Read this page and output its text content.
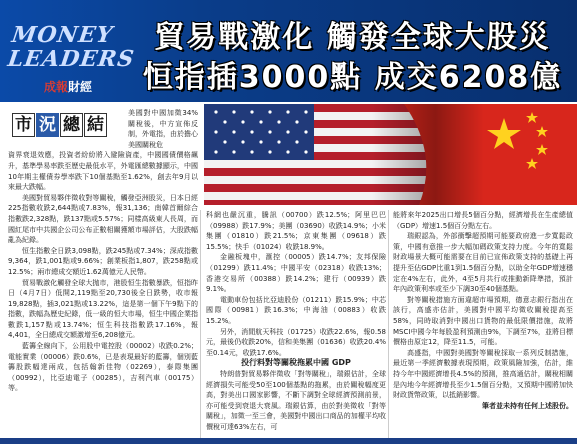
MONEY
LEADERS
成報財經
貿易戰激化 觸發全球大股災
恒指插3000點 成交6208億
市 況 總 結

美國對中國加徵34%關稅後，中方宣佈反制，外電指，由於擔心美國關稅危

資界衰退效應，投資者紛紛將入避險資產，中國國債價格飆升，基準學易率跌至歷史最低水平，外電匯總數據顯示，中國10年期主權債券學率跌下10個基點至1.62%，創去年9月以來最大跌幅。

美國對貿易夥伴徵收對等關稅，觸發亞洲股災，日本日經225指數收跌2,644點或7.83%，報31,136；南韓首爾綜合指數跌2,328點，跌137點或5.57%；同樣高級東人長周，而國紅尾市中共國企公司公布正數相關獲額市場評估，大股跌幅亂為紀錄。

恒生指數全日跌3,098點，跌245點或7.34%；深成指數9,364，跌1,001點或9.66%；創業板指1,807，跌258點或12.5%；兩市總成交額近1.62萬億元人民幣。

貿易戰激化觸發全球大抛市，港股恒生指數暴跌，恒指昨日（4月7日）低開2,119點至20,730後全日跌勢，收市報19,828點，插3,021點或13.22%，這是第一個下午9點下的指數，跌幅為歷史紀錄，低一級的恒大市場，恒生中國企業指數跌1,157點或13.74%；恒生科技指數跌17.16%，報4,401，全日總成交額激增至6,208億元。

藍籌全線向下，公用股中電控股（00002）收跌0.2%；電能實業（00006）跌0.6%，已是表現最好的藍籌，個別藍籌股跌幅達兩成，包括翰新佳物（02269），泰際集團（00992），比亞迪電子（00285），吉利汽車（00175）等。

科網也嚴沉重，騰訊（00700）跌12.5%；阿里巴巴（09988）跌17.9%；美團（03690）收跌14.9%；小米集團（01810）跌21.5%；京東集團（09618）跌15.5%；快手（01024）收跌18.9%。

金融板塊中，滙控（00005）跌14.7%；友邦保險（01299）跌11.4%；中國平安（02318）收跌13%；香港交易所（00388）跌14.2%；建行（00939）跌9.1%。

電動車份包括比亞迪股份（01211）跌15.9%；中芯國際（00981）跌16.3%；中海油（00883）收跌15.2%。

另外，消閒航天科技（01725）收跌22.6%，報0.58元，最後仍收跌20%，信和美集團（01636）收跌20.4%至0.14元，收跌17.6%。

投行料對等關稅拖累中國 GDP

特朗普對貿易夥伴徵收「對等關稅」，瑞銀估計，全球經濟損失可能受50至100個基點的拖累，由於關稅幅度更高，對美出口國家影響，不斷下調對全球經濟預測前景，亦可能受到衰退大衰風。瑞銀估算，由於對美徵收「對等關稅」，加徵一至三會，美國對中國出口商品的加權平均收價稅可達63%左右，可

能將來年2025出口增長5個百分點，經濟增長在生產總值（GDP）增速1.5個百分點左右。

瑞銀認為，外部衝擊超預期可能要政府進一步寬鬆政策，中國有意推一步大幅加碼政策支持力度。今年的寬鬆財政場景大概可能需要在目前已宣佈政策支持的基礎上再提升至佔GDP比重1到1.5個百分點，以助全年GDP增速穩定在4%左右，此外，4至5月共行或推動新降準措，預計年內政策利率或至少下調30至40個基點。

對等關稅措施方面違超市場預期，德意志銀行指出在該行，高盛亦估計，美國對中國平均徵收關稅提高至58%，同時取消對中國出口貨物的最低限價措施，故將MSCI中國今年每股盈利預測由9%，下調至7%，並將目標價格由原定12，降至11.5，可能。

高盛指，中國對美國對等關稅採取一系列反制措施，最近第一季經濟數據表現預期，政策風險加強，估計，維持今年中國經濟增長4.5%的預測，推高通估計，關稅相關是內地今年經濟增長至少1.5個百分點，又預期中國將加快財政貨幣政策，以抵銷影響。

筆者並未持有任何上述股份。
